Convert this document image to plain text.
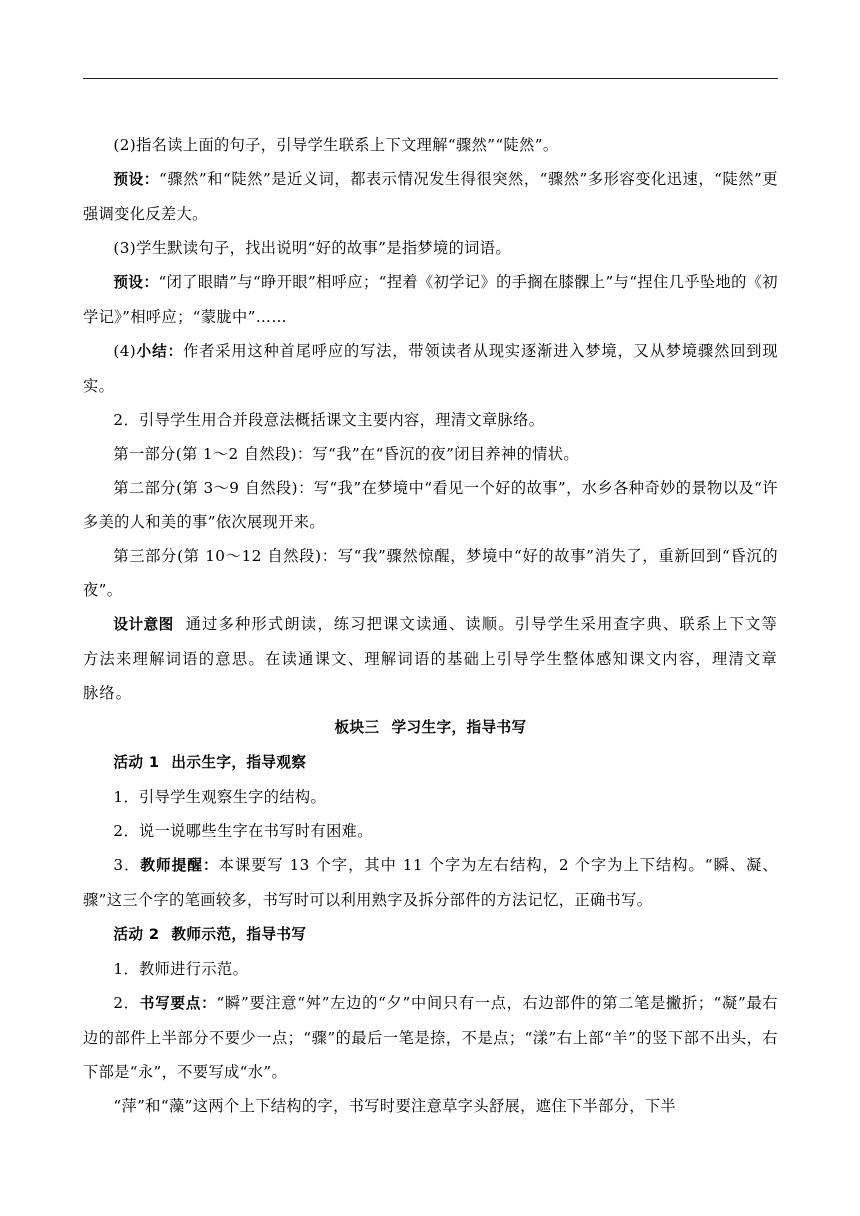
(2)指名读上面的句子，引导学生联系上下文理解“骤然”“陡然”。

预设：“骤然”和“陡然”是近义词，都表示情况发生得很突然，“骤然”多形容变化迅速，“陡然”更强调变化反差大。

(3)学生默读句子，找出说明“好的故事”是指梦境的词语。

预设：“闭了眼睛”与“睁开眼”相呼应；“捏着《初学记》的手搁在膝髁上”与“捏住几乎坠地的《初学记》”相呼应；“蒙胧中”……

(4)小结：作者采用这种首尾呼应的写法，带领读者从现实逐渐进入梦境，又从梦境骤然回到现实。

2．引导学生用合并段意法概括课文主要内容，理清文章脉络。

第一部分(第 1～2 自然段)：写“我”在“昏沉的夜”闭目养神的情状。

第二部分(第 3～9 自然段)：写“我”在梦境中“看见一个好的故事”，水乡各种奇妙的景物以及“许多美的人和美的事”依次展现开来。

第三部分(第 10～12 自然段)：写“我”骤然惊醒，梦境中“好的故事”消失了，重新回到“昏沉的夜”。

设计意图 通过多种形式朗读，练习把课文读通、读顺。引导学生采用查字典、联系上下文等方法来理解词语的意思。在读通课文、理解词语的基础上引导学生整体感知课文内容，理清文章脉络。

板块三 学习生字，指导书写

活动 1 出示生字，指导观察

1．引导学生观察生字的结构。

2．说一说哪些生字在书写时有困难。

3．教师提醒：本课要写 13 个字，其中 11 个字为左右结构，2 个字为上下结构。“瞬、凝、骤”这三个字的笔画较多，书写时可以利用熟字及拆分部件的方法记忆，正确书写。

活动 2 教师示范，指导书写

1．教师进行示范。

2．书写要点：“瞬”要注意“舛”左边的“夕”中间只有一点，右边部件的第二笔是撇折；“凝”最右边的部件上半部分不要少一点；“骤”的最后一笔是捺，不是点；“漾”右上部“羊”的竖下部不出头，右下部是“永”，不要写成“水”。

“萍”和“藻”这两个上下结构的字，书写时要注意草字头舒展，遮住下半部分，下半
